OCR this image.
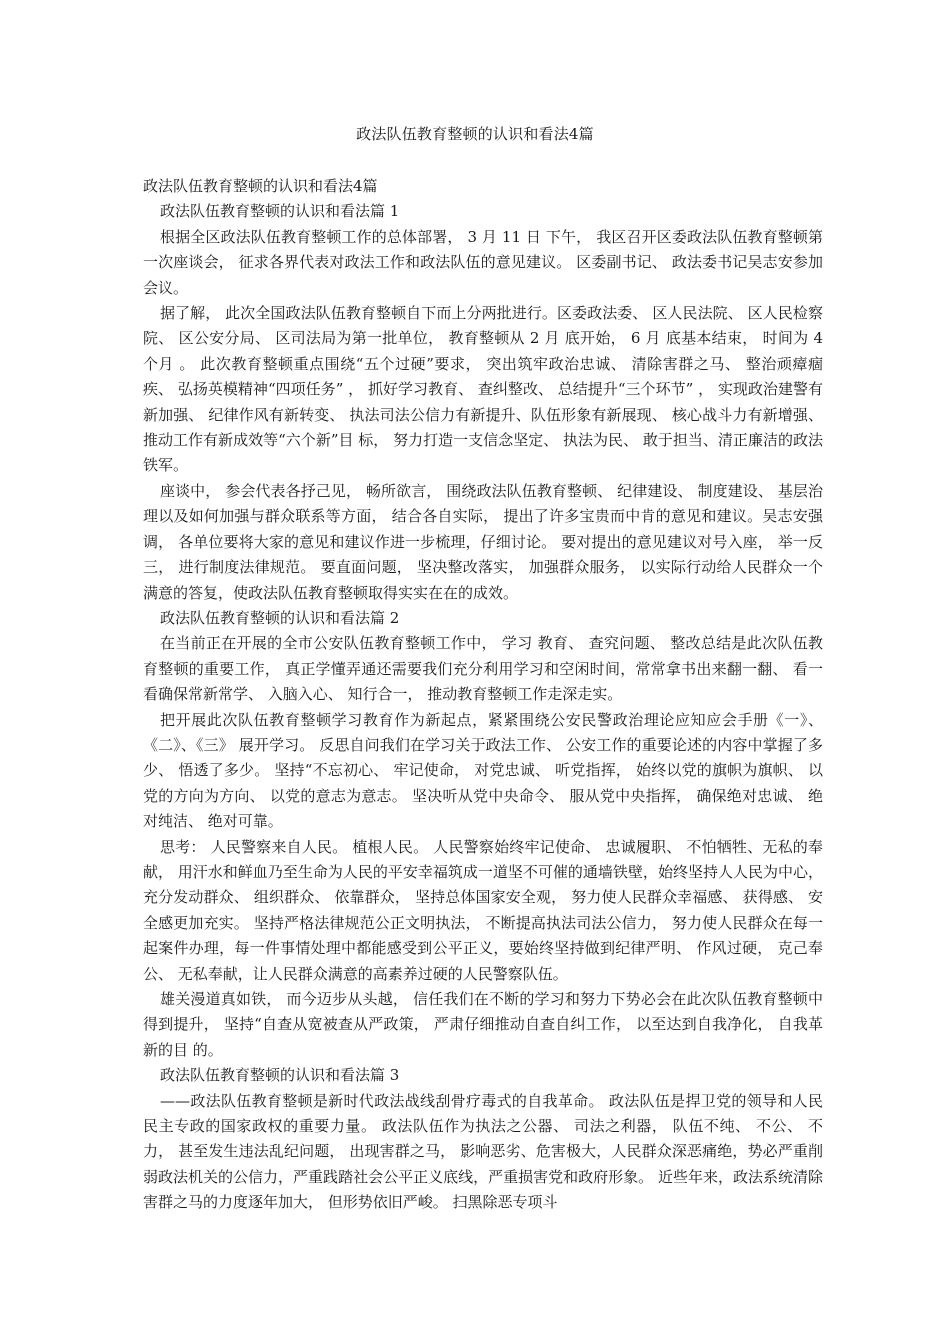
政法队伍教育整顿的认识和看法4篇

政法队伍教育整顿的认识和看法4篇

政法队伍教育整顿的认识和看法篇 1

根据全区政法队伍教育整顿工作的总体部署， 3 月 11 日 下午， 我区召开区委政法队伍教育整顿第一次座谈会， 征求各界代表对政法工作和政法队伍的意见建议。 区委副书记、 政法委书记吴志安参加会议。

据了解， 此次全国政法队伍教育整顿自下而上分两批进行。区委政法委、 区人民法院、 区人民检察院、 区公安分局、 区司法局为第一批单位， 教育整顿从 2 月 底开始， 6 月 底基本结束， 时间为 4 个月 。 此次教育整顿重点围绕“五个过硬”要求， 突出筑牢政治忠诚、 清除害群之马、 整治顽瘴痼疾、 弘扬英模精神“四项任务” ， 抓好学习教育、 查纠整改、 总结提升“三个环节” ， 实现政治建警有新加强、 纪律作风有新转变、 执法司法公信力有新提升、队伍形象有新展现、 核心战斗力有新增强、 推动工作有新成效等“六个新”目 标， 努力打造一支信念坚定、 执法为民、 敢于担当、清正廉洁的政法铁军。

座谈中， 参会代表各抒己见， 畅所欲言， 围绕政法队伍教育整顿、 纪律建设、 制度建设、 基层治理以及如何加强与群众联系等方面， 结合各自实际， 提出了许多宝贵而中肯的意见和建议。吴志安强调， 各单位要将大家的意见和建议作进一步梳理，仔细讨论。 要对提出的意见建议对号入座， 举一反三， 进行制度法律规范。 要直面问题， 坚决整改落实， 加强群众服务， 以实际行动给人民群众一个满意的答复，使政法队伍教育整顿取得实实在在的成效。

政法队伍教育整顿的认识和看法篇 2

在当前正在开展的全市公安队伍教育整顿工作中， 学习 教育、 查究问题、 整改总结是此次队伍教育整顿的重要工作， 真正学懂弄通还需要我们充分利用学习和空闲时间，常常拿书出来翻一翻、 看一看确保常新常学、 入脑入心、 知行合一， 推动教育整顿工作走深走实。

把开展此次队伍教育整顿学习教育作为新起点，紧紧围绕公安民警政治理论应知应会手册《一》、《二》、《三》 展开学习。 反思自问我们在学习关于政法工作、 公安工作的重要论述的内容中掌握了多少、 悟透了多少。 坚持“不忘初心、 牢记使命， 对党忠诚、 听党指挥， 始终以党的旗帜为旗帜、 以党的方向为方向、 以党的意志为意志。 坚决听从党中央命令、 服从党中央指挥， 确保绝对忠诚、 绝对纯洁、 绝对可靠。

思考： 人民警察来自人民。 植根人民。 人民警察始终牢记使命、 忠诚履职、 不怕牺牲、无私的奉献， 用汗水和鲜血乃至生命为人民的平安幸福筑成一道坚不可催的通墙铁壁，始终坚持人人民为中心， 充分发动群众、 组织群众、 依靠群众， 坚持总体国家安全观， 努力使人民群众幸福感、 获得感、 安全感更加充实。 坚持严格法律规范公正文明执法， 不断提高执法司法公信力， 努力使人民群众在每一起案件办理，每一件事情处理中都能感受到公平正义，要始终坚持做到纪律严明、 作风过硬， 克己奉公、 无私奉献，让人民群众满意的高素养过硬的人民警察队伍。

雄关漫道真如铁， 而今迈步从头越， 信任我们在不断的学习和努力下势必会在此次队伍教育整顿中得到提升， 坚持“自查从宽被查从严政策， 严肃仔细推动自查自纠工作， 以至达到自我净化， 自我革新的目 的。

政法队伍教育整顿的认识和看法篇 3

——政法队伍教育整顿是新时代政法战线刮骨疗毒式的自我革命。 政法队伍是捍卫党的领导和人民民主专政的国家政权的重要力量。 政法队伍作为执法之公器、 司法之利器， 队伍不纯、 不公、 不力， 甚至发生违法乱纪问题， 出现害群之马， 影响恶劣、危害极大，人民群众深恶痛绝，势必严重削弱政法机关的公信力，严重践踏社会公平正义底线，严重损害党和政府形象。 近些年来，政法系统清除害群之马的力度逐年加大， 但形势依旧严峻。 扫黑除恶专项斗
